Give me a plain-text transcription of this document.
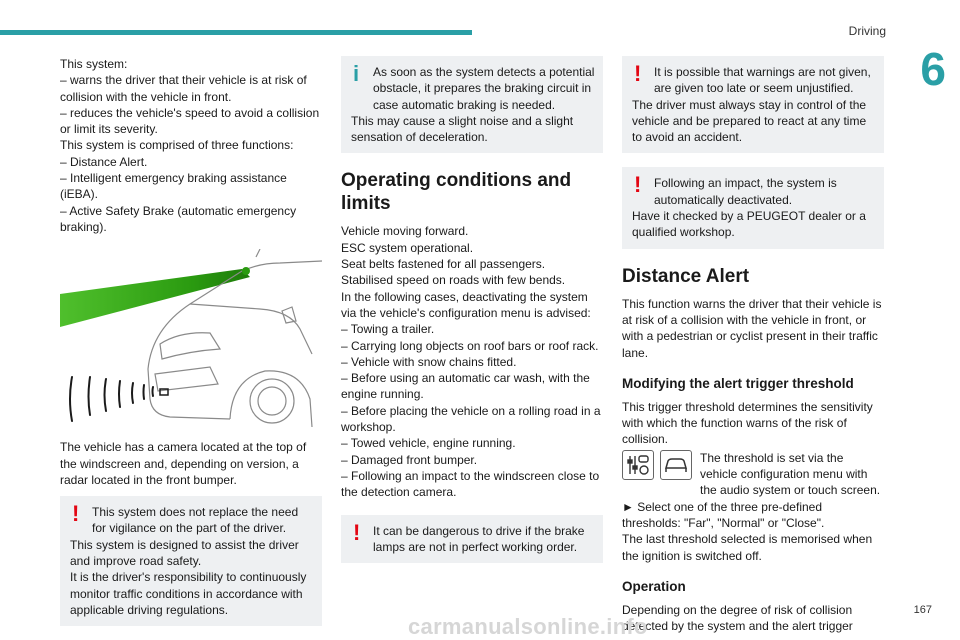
Driving
6

This system:

– warns the driver that their vehicle is at risk of collision with the vehicle in front.

– reduces the vehicle's speed to avoid a collision or limit its severity.

This system is comprised of three functions:

– Distance Alert.

– Intelligent emergency braking assistance (iEBA).

– Active Safety Brake (automatic emergency braking).

The vehicle has a camera located at the top of the windscreen and, depending on version, a radar located in the front bumper.

!	This system does not replace the need for vigilance on the part of the driver.

This system is designed to assist the driver and improve road safety.

It is the driver's responsibility to continuously monitor traffic conditions in accordance with applicable driving regulations.

i	As soon as the system detects a potential obstacle, it prepares the braking circuit in case automatic braking is needed.

This may cause a slight noise and a slight sensation of deceleration.

Operating conditions and limits

Vehicle moving forward.

ESC system operational.

Seat belts fastened for all passengers.

Stabilised speed on roads with few bends.

In the following cases, deactivating the system via the vehicle's configuration menu is advised:

– Towing a trailer.

– Carrying long objects on roof bars or roof rack.

– Vehicle with snow chains fitted.

– Before using an automatic car wash, with the engine running.

– Before placing the vehicle on a rolling road in a workshop.

– Towed vehicle, engine running.

– Damaged front bumper.

– Following an impact to the windscreen close to the detection camera.

!	It can be dangerous to drive if the brake lamps are not in perfect working order.

!	It is possible that warnings are not given, are given too late or seem unjustified.

The driver must always stay in control of the vehicle and be prepared to react at any time to avoid an accident.

!	Following an impact, the system is automatically deactivated.

Have it checked by a PEUGEOT dealer or a qualified workshop.

Distance Alert

This function warns the driver that their vehicle is at risk of a collision with the vehicle in front, or with a pedestrian or cyclist present in their traffic lane.

Modifying the alert trigger threshold

This trigger threshold determines the sensitivity with which the function warns of the risk of collision.

The threshold is set via the vehicle configuration menu with the audio system or touch screen.

► Select one of the three pre-defined thresholds: "Far", "Normal" or "Close".

The last threshold selected is memorised when the ignition is switched off.

Operation

Depending on the degree of risk of collision detected by the system and the alert trigger

167
carmanualsonline.info
